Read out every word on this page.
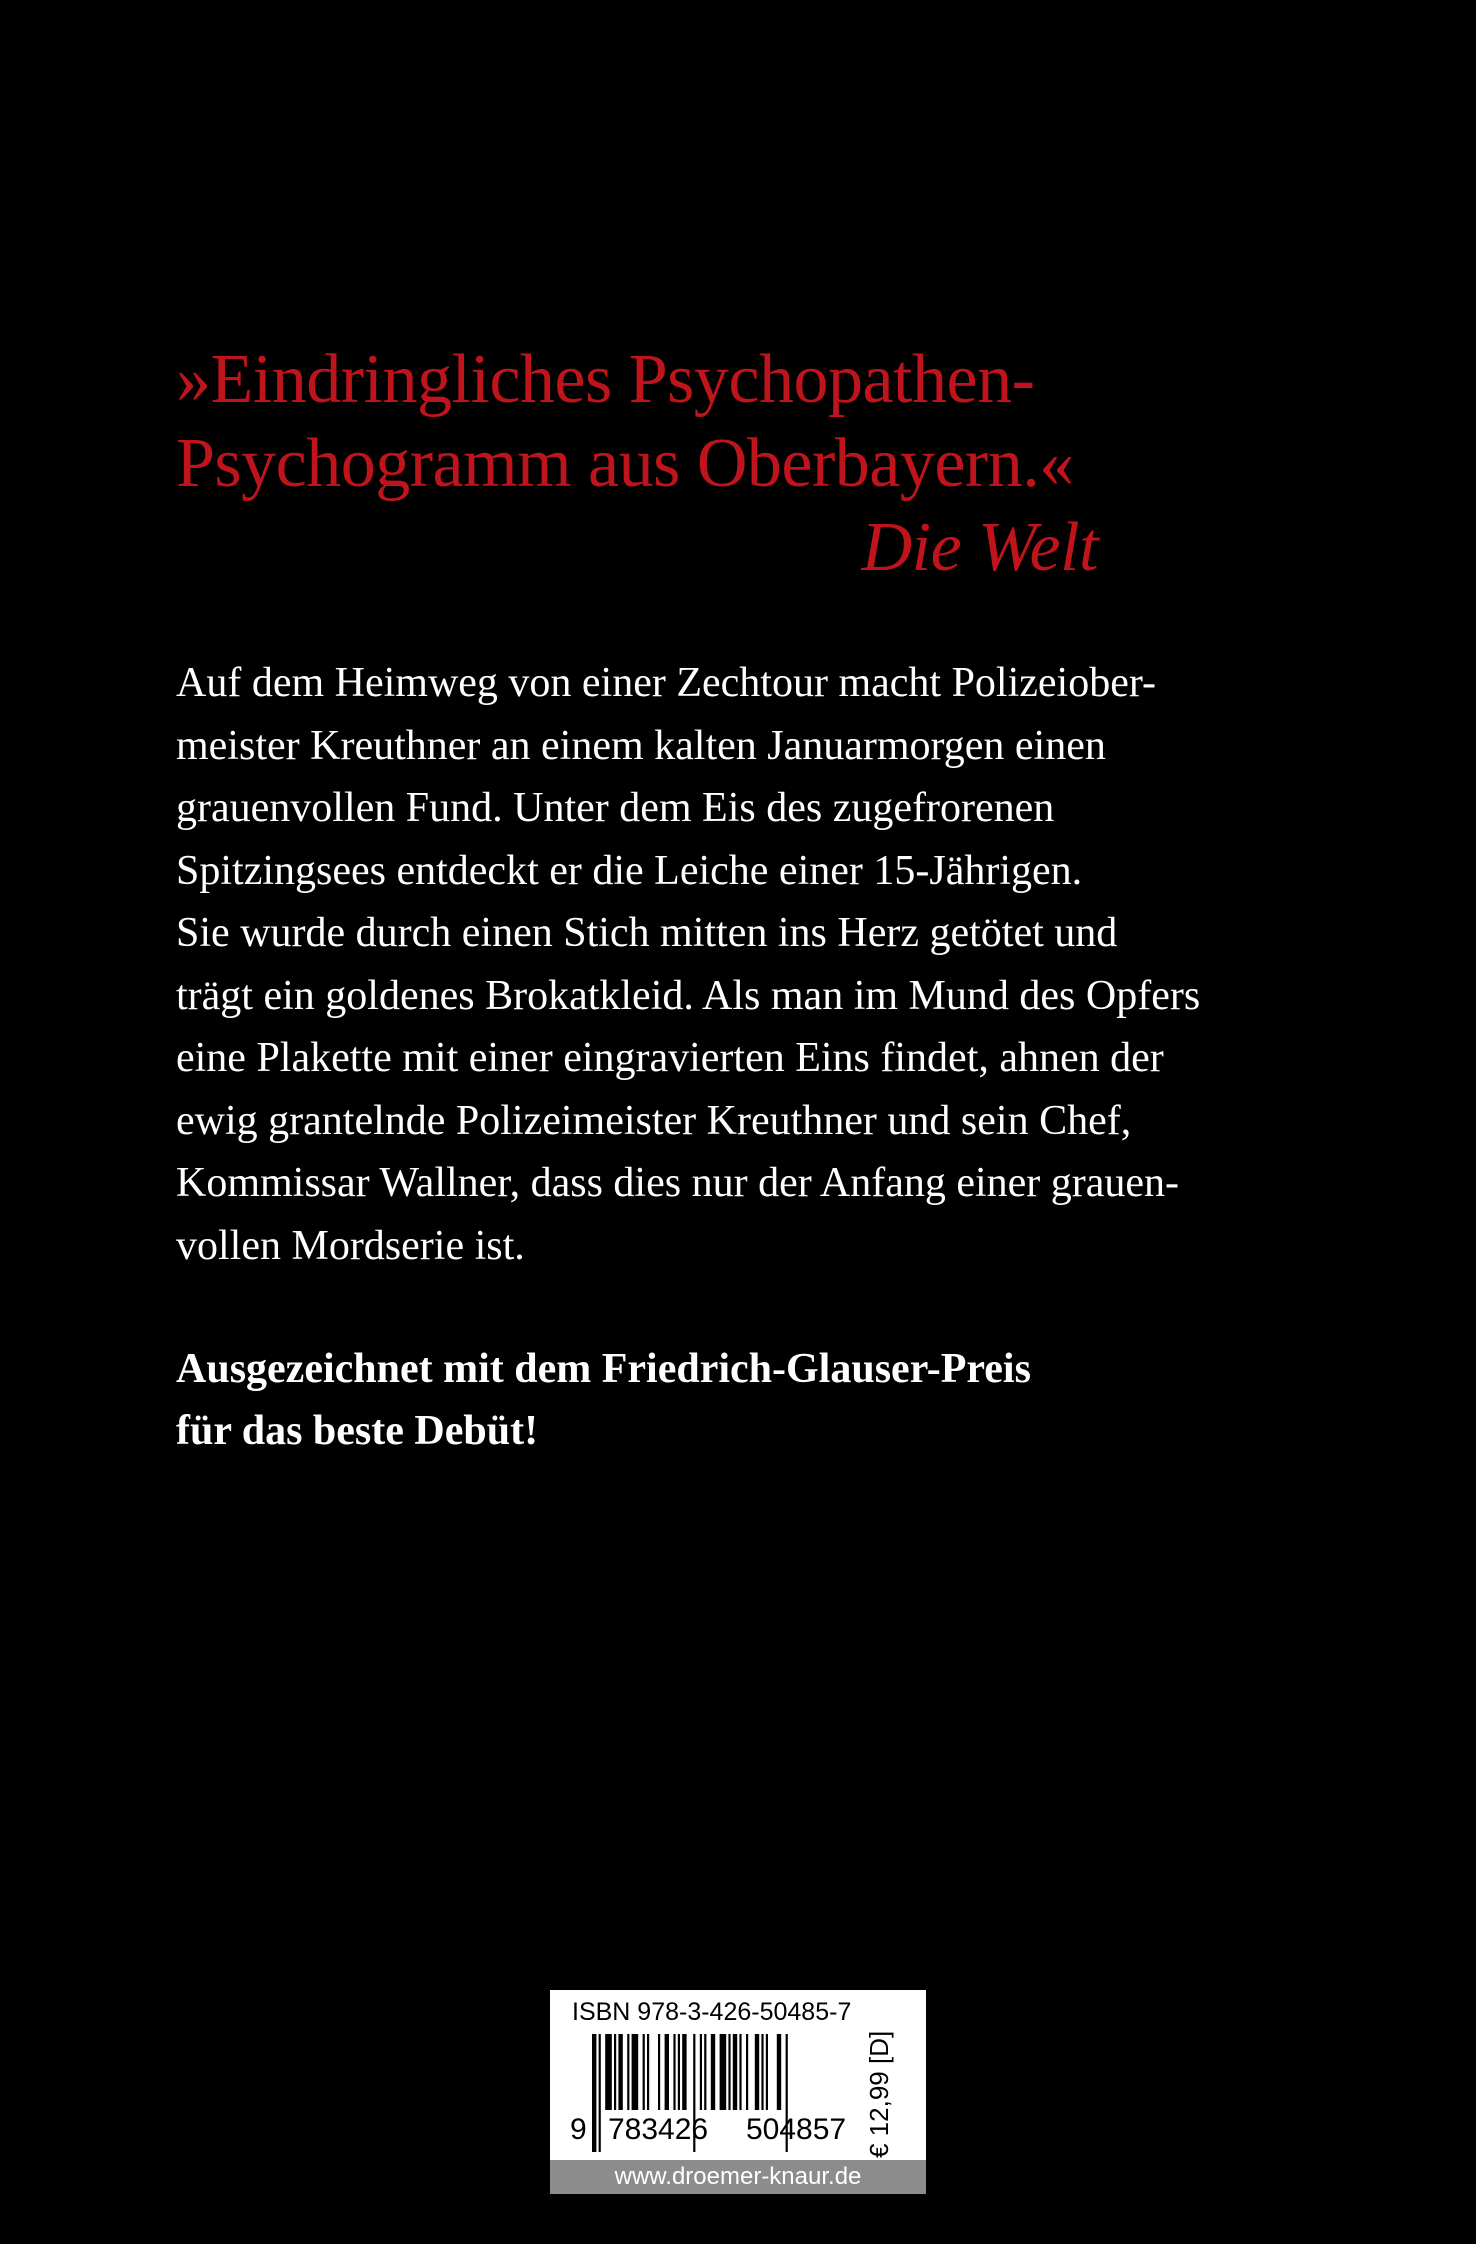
»Eindringliches Psychopathen-
Psychogramm aus Oberbayern.«
Die Welt
Auf dem Heimweg von einer Zechtour macht Polizeiober-
meister Kreuthner an einem kalten Januarmorgen einen
grauenvollen Fund. Unter dem Eis des zugefrorenen
Spitzingsees entdeckt er die Leiche einer 15-Jährigen.
Sie wurde durch einen Stich mitten ins Herz getötet und
trägt ein goldenes Brokatkleid. Als man im Mund des Opfers
eine Plakette mit einer eingravierten Eins findet, ahnen der
ewig grantelnde Polizeimeister Kreuthner und sein Chef,
Kommissar Wallner, dass dies nur der Anfang einer grauen-
vollen Mordserie ist.
Ausgezeichnet mit dem Friedrich-Glauser-Preis
für das beste Debüt!
ISBN 978-3-426-50485-7
9 783426 504857 € 12,99 [D]
www.droemer-knaur.de
